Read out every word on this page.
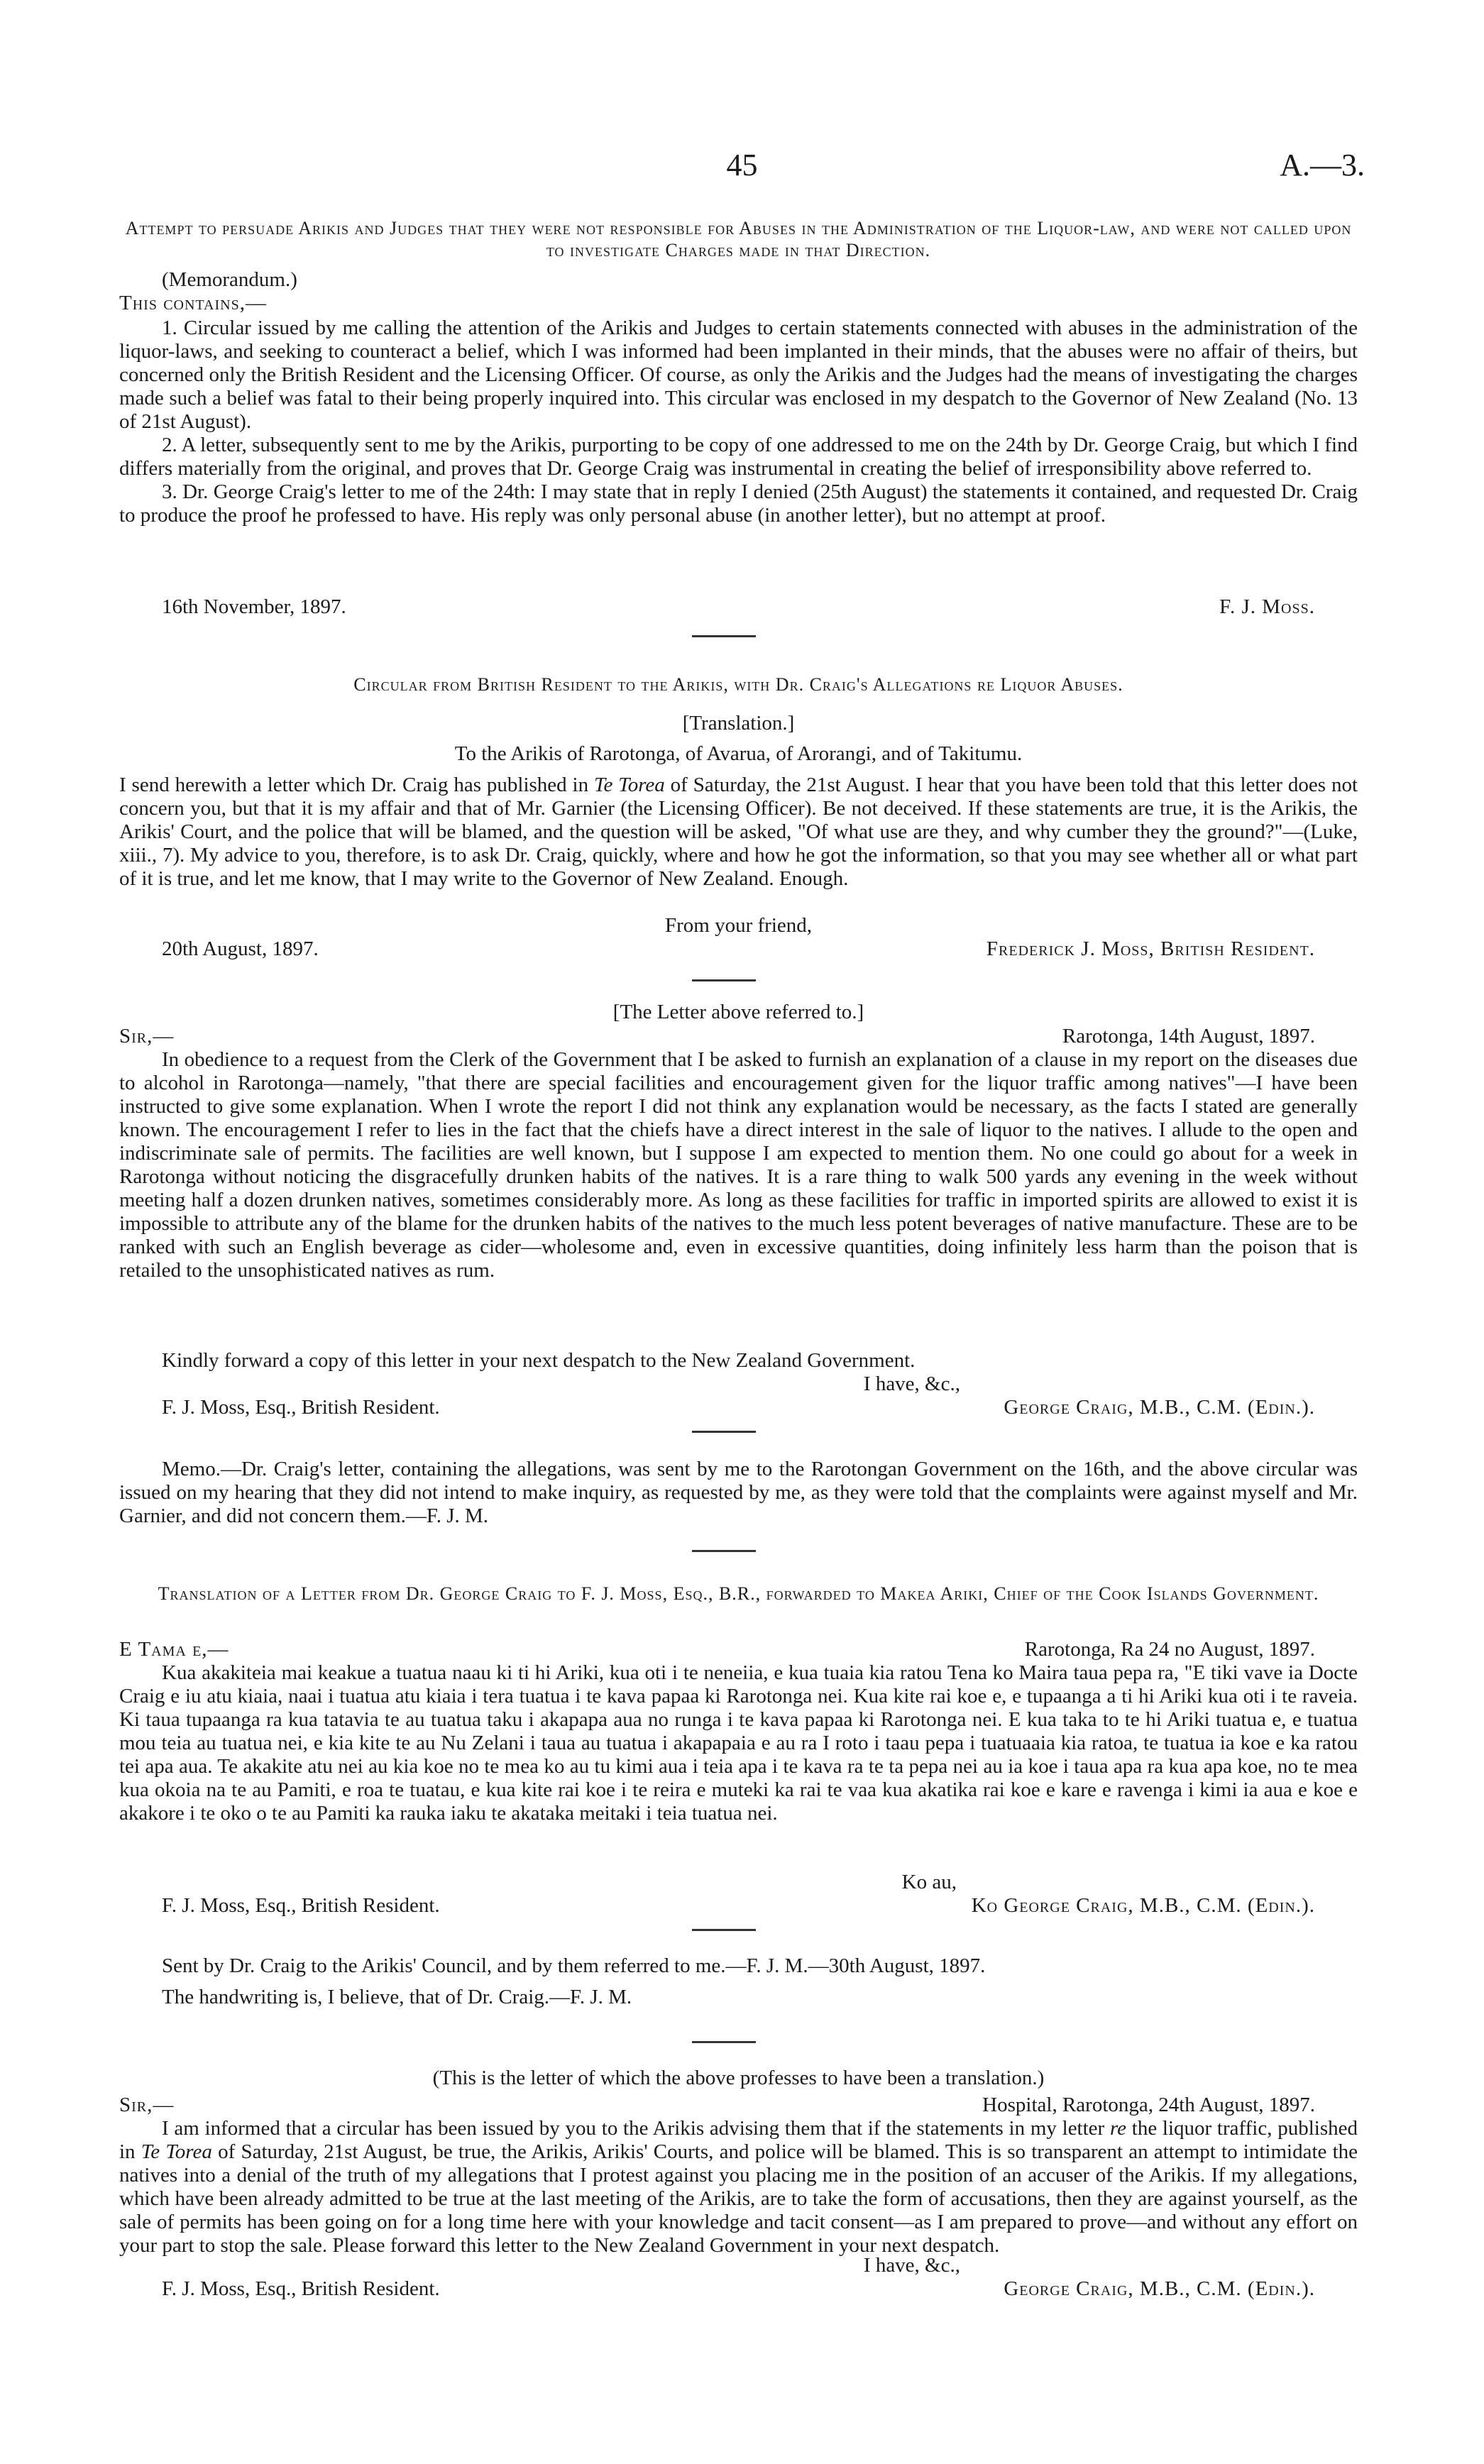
45	A.—3.
Attempt to persuade Arikis and Judges that they were not responsible for Abuses in the Administration of the Liquor-law, and were not called upon to investigate Charges made in that Direction.

(Memorandum.)

This contains,—

1. Circular issued by me calling the attention of the Arikis and Judges to certain statements connected with abuses in the administration of the liquor-laws, and seeking to counteract a belief, which I was informed had been implanted in their minds, that the abuses were no affair of theirs, but concerned only the British Resident and the Licensing Officer. Of course, as only the Arikis and the Judges had the means of investigating the charges made such a belief was fatal to their being properly inquired into. This circular was enclosed in my despatch to the Governor of New Zealand (No. 13 of 21st August).

2. A letter, subsequently sent to me by the Arikis, purporting to be copy of one addressed to me on the 24th by Dr. George Craig, but which I find differs materially from the original, and proves that Dr. George Craig was instrumental in creating the belief of irresponsibility above referred to.

3. Dr. George Craig's letter to me of the 24th: I may state that in reply I denied (25th August) the statements it contained, and requested Dr. Craig to produce the proof he professed to have. His reply was only personal abuse (in another letter), but no attempt at proof.

16th November, 1897.	F. J. Moss.
Circular from British Resident to the Arikis, with Dr. Craig's Allegations re Liquor Abuses.
[Translation.]
To the Arikis of Rarotonga, of Avarua, of Arorangi, and of Takitumu.
I send herewith a letter which Dr. Craig has published in Te Torea of Saturday, the 21st August. I hear that you have been told that this letter does not concern you, but that it is my affair and that of Mr. Garnier (the Licensing Officer). Be not deceived. If these statements are true, it is the Arikis, the Arikis' Court, and the police that will be blamed, and the question will be asked, "Of what use are they, and why cumber they the ground?"—(Luke, xiii., 7). My advice to you, therefore, is to ask Dr. Craig, quickly, where and how he got the information, so that you may see whether all or what part of it is true, and let me know, that I may write to the Governor of New Zealand. Enough.
From your friend,
20th August, 1897.	Frederick J. Moss, British Resident.
[The Letter above referred to.]
Sir,—	Rarotonga, 14th August, 1897.
In obedience to a request from the Clerk of the Government that I be asked to furnish an explanation of a clause in my report on the diseases due to alcohol in Rarotonga—namely, "that there are special facilities and encouragement given for the liquor traffic among natives"—I have been instructed to give some explanation. When I wrote the report I did not think any explanation would be necessary, as the facts I stated are generally known. The encouragement I refer to lies in the fact that the chiefs have a direct interest in the sale of liquor to the natives. I allude to the open and indiscriminate sale of permits. The facilities are well known, but I suppose I am expected to mention them. No one could go about for a week in Rarotonga without noticing the disgracefully drunken habits of the natives. It is a rare thing to walk 500 yards any evening in the week without meeting half a dozen drunken natives, sometimes considerably more. As long as these facilities for traffic in imported spirits are allowed to exist it is impossible to attribute any of the blame for the drunken habits of the natives to the much less potent beverages of native manufacture. These are to be ranked with such an English beverage as cider—wholesome and, even in excessive quantities, doing infinitely less harm than the poison that is retailed to the unsophisticated natives as rum.
Kindly forward a copy of this letter in your next despatch to the New Zealand Government.
I have, &c.,
F. J. Moss, Esq., British Resident.	George Craig, M.B., C.M. (Edin.).
Memo.—Dr. Craig's letter, containing the allegations, was sent by me to the Rarotongan Government on the 16th, and the above circular was issued on my hearing that they did not intend to make inquiry, as requested by me, as they were told that the complaints were against myself and Mr. Garnier, and did not concern them.—F. J. M.
Translation of a Letter from Dr. George Craig to F. J. Moss, Esq., B.R., forwarded to Makea Ariki, Chief of the Cook Islands Government.
E Tama e,—	Rarotonga, Ra 24 no August, 1897.
Kua akakiteia mai keakue a tuatua naau ki ti hi Ariki, kua oti i te neneiia, e kua tuaia kia ratou Tena ko Maira taua pepa ra, "E tiki vave ia Docte Craig e iu atu kiaia, naai i tuatua atu kiaia i tera tuatua i te kava papaa ki Rarotonga nei. Kua kite rai koe e, e tupaanga a ti hi Ariki kua oti i te raveia. Ki taua tupaanga ra kua tatavia te au tuatua taku i akapapa aua no runga i te kava papaa ki Rarotonga nei. E kua taka to te hi Ariki tuatua e, e tuatua mou teia au tuatua nei, e kia kite te au Nu Zelani i taua au tuatua i akapapaia e au ra I roto i taau pepa i tuatuaaia kia ratoa, te tuatua ia koe e ka ratou tei apa aua. Te akakite atu nei au kia koe no te mea ko au tu kimi aua i teia apa i te kava ra te ta pepa nei au ia koe i taua apa ra kua apa koe, no te mea kua okoia na te au Pamiti, e roa te tuatau, e kua kite rai koe i te reira e muteki ka rai te vaa kua akatika rai koe e kare e ravenga i kimi ia aua e koe e akakore i te oko o te au Pamiti ka rauka iaku te akataka meitaki i teia tuatua nei.
Ko au,
F. J. Moss, Esq., British Resident.	Ko George Craig, M.B., C.M. (Edin.).

Sent by Dr. Craig to the Arikis' Council, and by them referred to me.—F. J. M.—30th August, 1897.

The handwriting is, I believe, that of Dr. Craig.—F. J. M.

(This is the letter of which the above professes to have been a translation.)
Sir,—	Hospital, Rarotonga, 24th August, 1897.
I am informed that a circular has been issued by you to the Arikis advising them that if the statements in my letter re the liquor traffic, published in Te Torea of Saturday, 21st August, be true, the Arikis, Arikis' Courts, and police will be blamed. This is so transparent an attempt to intimidate the natives into a denial of the truth of my allegations that I protest against you placing me in the position of an accuser of the Arikis. If my allegations, which have been already admitted to be true at the last meeting of the Arikis, are to take the form of accusations, then they are against yourself, as the sale of permits has been going on for a long time here with your knowledge and tacit consent—as I am prepared to prove—and without any effort on your part to stop the sale. Please forward this letter to the New Zealand Government in your next despatch.
I have, &c.,
F. J. Moss, Esq., British Resident.	George Craig, M.B., C.M. (Edin.).
